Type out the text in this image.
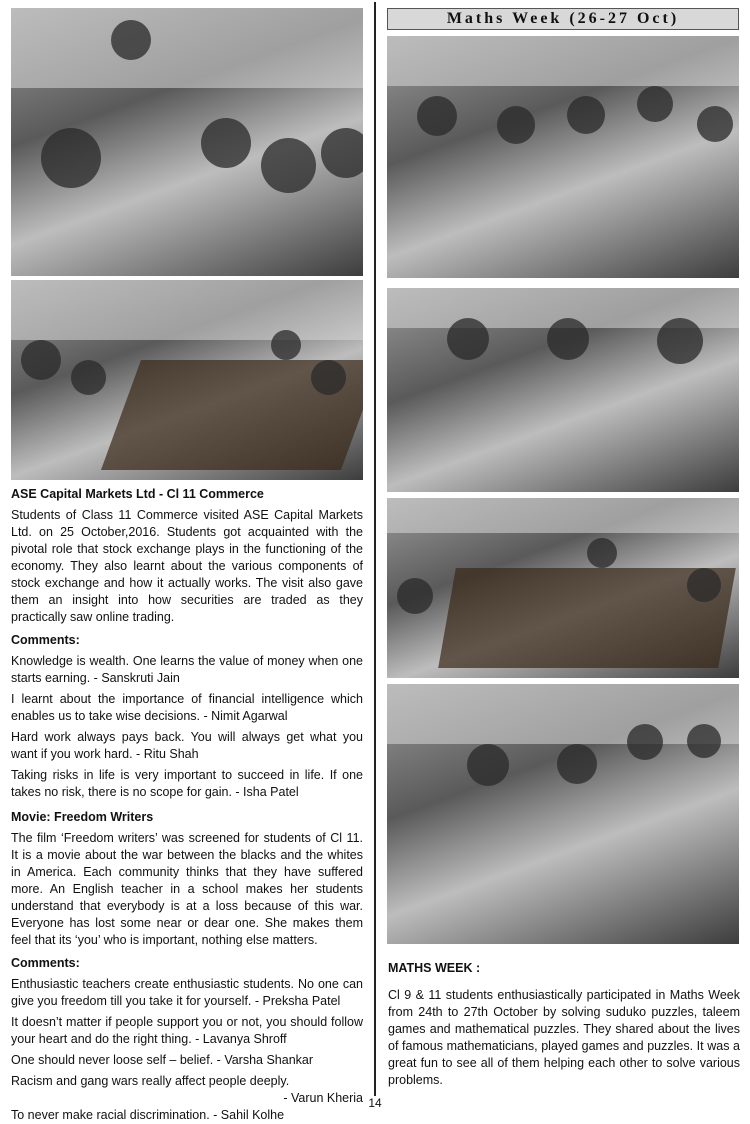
ASE Capital Markets Ltd - Cl 11 Commerce

Students of Class 11 Commerce visited ASE Capital Markets Ltd. on 25 October,2016. Students got acquainted with the pivotal role that stock exchange plays in the functioning of the economy. They also learnt about the various components of stock exchange and how it actually works. The visit also gave them an insight into how securities are traded as they practically saw online trading.

Comments:

Knowledge is wealth. One learns the value of money when one starts earning. - Sanskruti Jain

I learnt about the importance of financial intelligence which enables us to take wise decisions. - Nimit Agarwal

Hard work always pays back. You will always get what you want if you work hard. - Ritu Shah

Taking risks in life is very important to succeed in life. If one takes no risk, there is no scope for gain. - Isha Patel

Movie: Freedom Writers

The film ‘Freedom writers’ was screened for students of Cl 11. It is a movie about the war between the blacks and the whites in America. Each community thinks that they have suffered more. An English teacher in a school makes her students understand that everybody is at a loss because of this war. Everyone has lost some near or dear one. She makes them feel that its ‘you’ who is important, nothing else matters.

Comments:

Enthusiastic teachers create enthusiastic students. No one can give you freedom till you take it for yourself. - Preksha Patel

It doesn’t matter if people support you or not, you should follow your heart and do the right thing. - Lavanya Shroff

One should never loose self – belief. - Varsha Shankar

Racism and gang wars really affect people deeply.

- Varun Kheria

To never make racial discrimination. - Sahil Kolhe

Maths Week (26-27 Oct)

MATHS WEEK :

Cl 9 & 11 students enthusiastically participated in Maths Week from 24th to 27th October by solving suduko puzzles, taleem games and mathematical puzzles. They shared about the lives of famous mathematicians, played games and puzzles. It was a great fun to see all of them helping each other to solve various problems.

14
